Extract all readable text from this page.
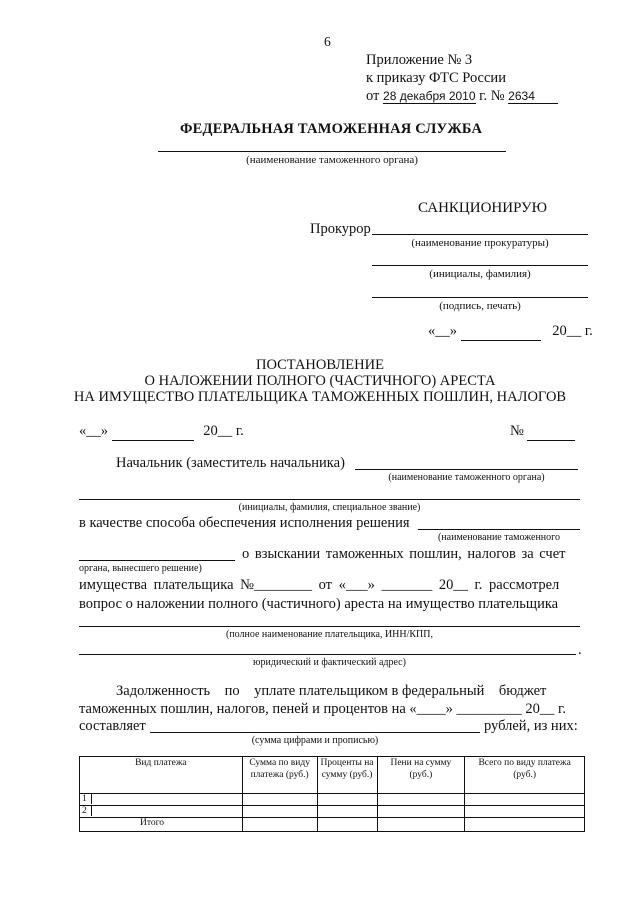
6
Приложение № 3
к приказу ФТС России
от 28 декабря 2010 г. № 2634
ФЕДЕРАЛЬНАЯ ТАМОЖЕННАЯ СЛУЖБА
(наименование таможенного органа)
САНКЦИОНИРУЮ
Прокурор
(наименование прокуратуры)
(инициалы, фамилия)
(подпись, печать)
«__»	20__ г.
ПОСТАНОВЛЕНИЕ
О НАЛОЖЕНИИ ПОЛНОГО (ЧАСТИЧНОГО) АРЕСТА
НА ИМУЩЕСТВО ПЛАТЕЛЬЩИКА ТАМОЖЕННЫХ ПОШЛИН, НАЛОГОВ
«__»	20__ г.	№
Начальник (заместитель начальника)
(наименование таможенного органа)
(инициалы, фамилия, специальное звание)
в качестве способа обеспечения исполнения решения
(наименование таможенного
о взыскании таможенных пошлин, налогов за счет
органа, вынесшего решение)
имущества плательщика №________ от «___» _______ 20__ г. рассмотрел
вопрос о наложении полного (частичного) ареста на имущество плательщика
(полное наименование плательщика, ИНН/КПП,
.
юридический и фактический адрес)
Задолженность    по    уплате плательщиком в федеральный    бюджет
таможенных пошлин, налогов, пеней и процентов на «____» _________ 20__ г.
составляет	рублей, из них:
(сумма цифрами и прописью)
Вид платежа	Сумма по виду платежа (руб.)	Проценты на сумму (руб.)	Пени на сумму (руб.)	Всего по виду платежа (руб.)
1				
2				
Итого				
